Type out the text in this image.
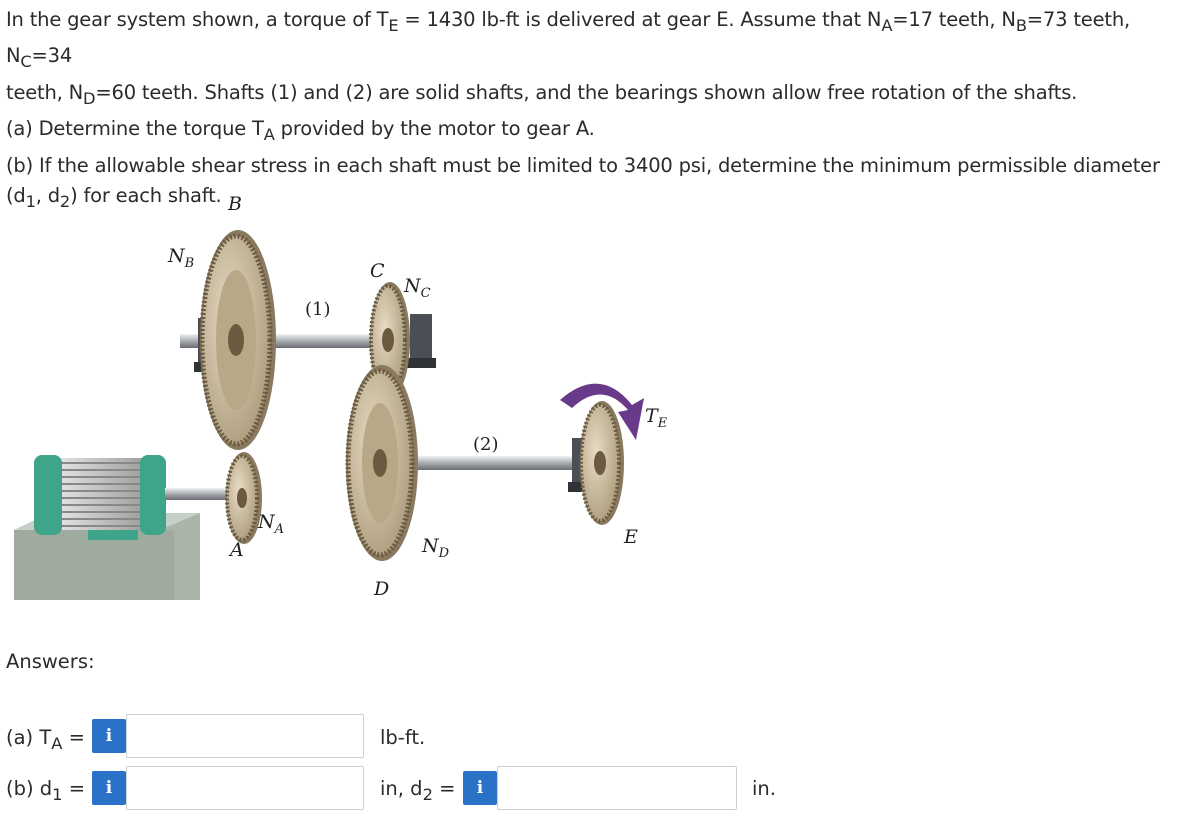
In the gear system shown, a torque of $T_E = 1430$ lb-ft is delivered at gear E. Assume that $N_A=17$ teeth, $N_B=73$ teeth, $N_C=34$

teeth, $N_D=60$ teeth. Shafts (1) and (2) are solid shafts, and the bearings shown allow free rotation of the shafts.

(a) Determine the torque $T_A$ provided by the motor to gear A.

(b) If the allowable shear stress in each shaft must be limited to 3400 psi, determine the minimum permissible diameter

($d_1$, $d_2$) for each shaft. B
$N_B$	C
$N_C$
(1)
(2)
$T_E$
E
$N_A$
A	$N_D$
D
Answers:
(a) $T_A$ =	i	lb-ft.
(b) $d_1$ =	i	in, $d_2$ =	i	in.
